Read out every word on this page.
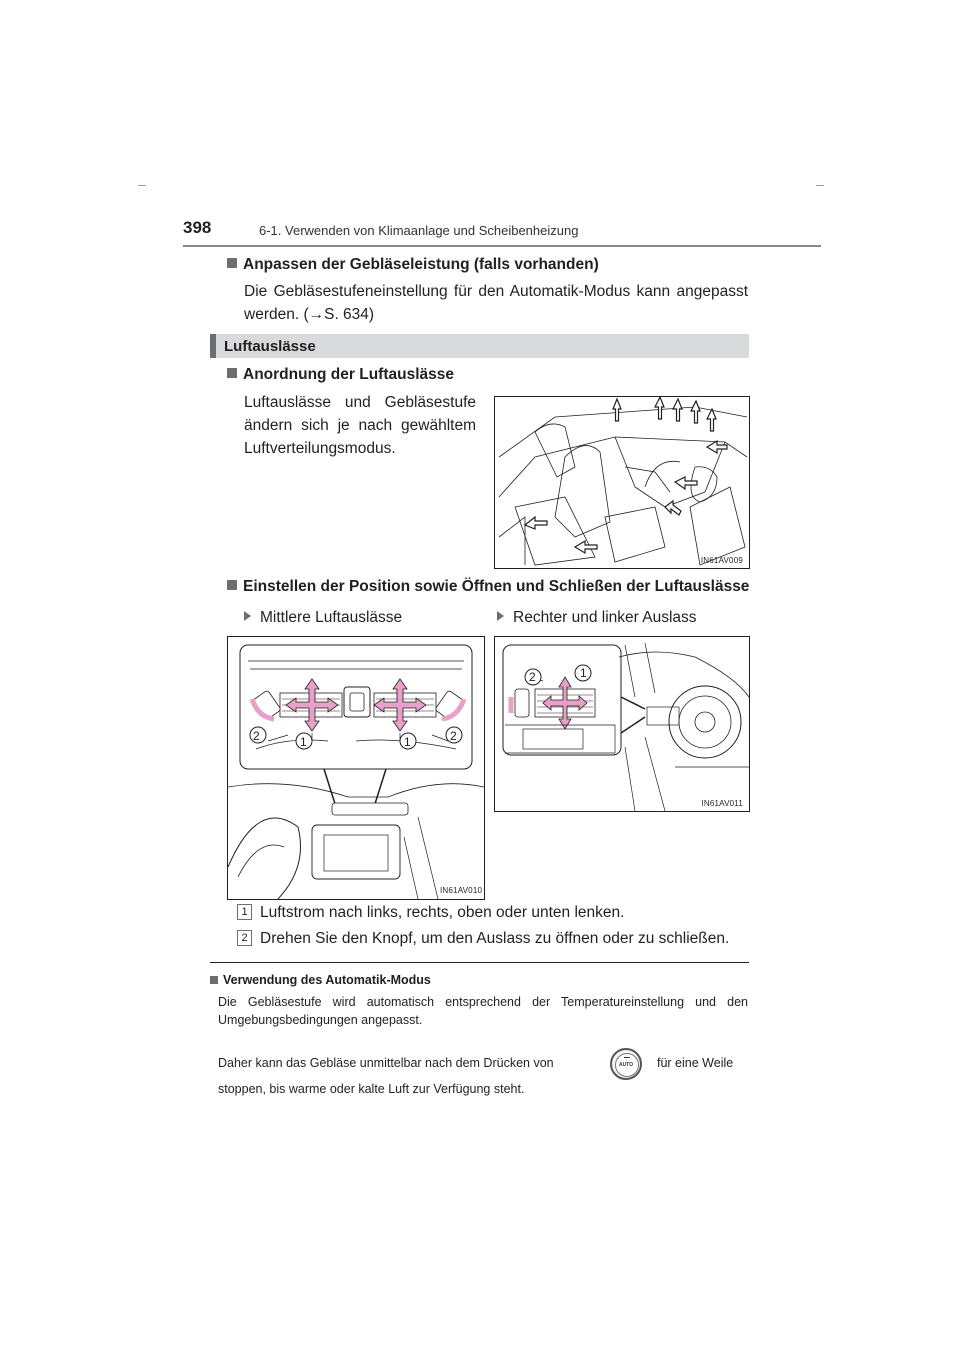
398	6-1. Verwenden von Klimaanlage und Scheibenheizung
Anpassen der Gebläseleistung (falls vorhanden)
Die Gebläsestufeneinstellung für den Automatik-Modus kann angepasst
werden. (→S. 634)
Luftauslässe
Anordnung der Luftauslässe
Luftauslässe und Gebläsestufe
ändern sich je nach gewähltem
Luftverteilungsmodus.
IN61AV009
Einstellen der Position sowie Öffnen und Schließen der Luftauslässe
Mittlere Luftauslässe	Rechter und linker Auslass
2	1	1	2
IN61AV010
2	1
IN61AV011
1 Luftstrom nach links, rechts, oben oder unten lenken.
2 Drehen Sie den Knopf, um den Auslass zu öffnen oder zu schließen.
Verwendung des Automatik-Modus
Die Gebläsestufe wird automatisch entsprechend der Temperatureinstellung und den
Umgebungsbedingungen angepasst.
Daher kann das Gebläse unmittelbar nach dem Drücken von	AUTO	für eine Weile
stoppen, bis warme oder kalte Luft zur Verfügung steht.
